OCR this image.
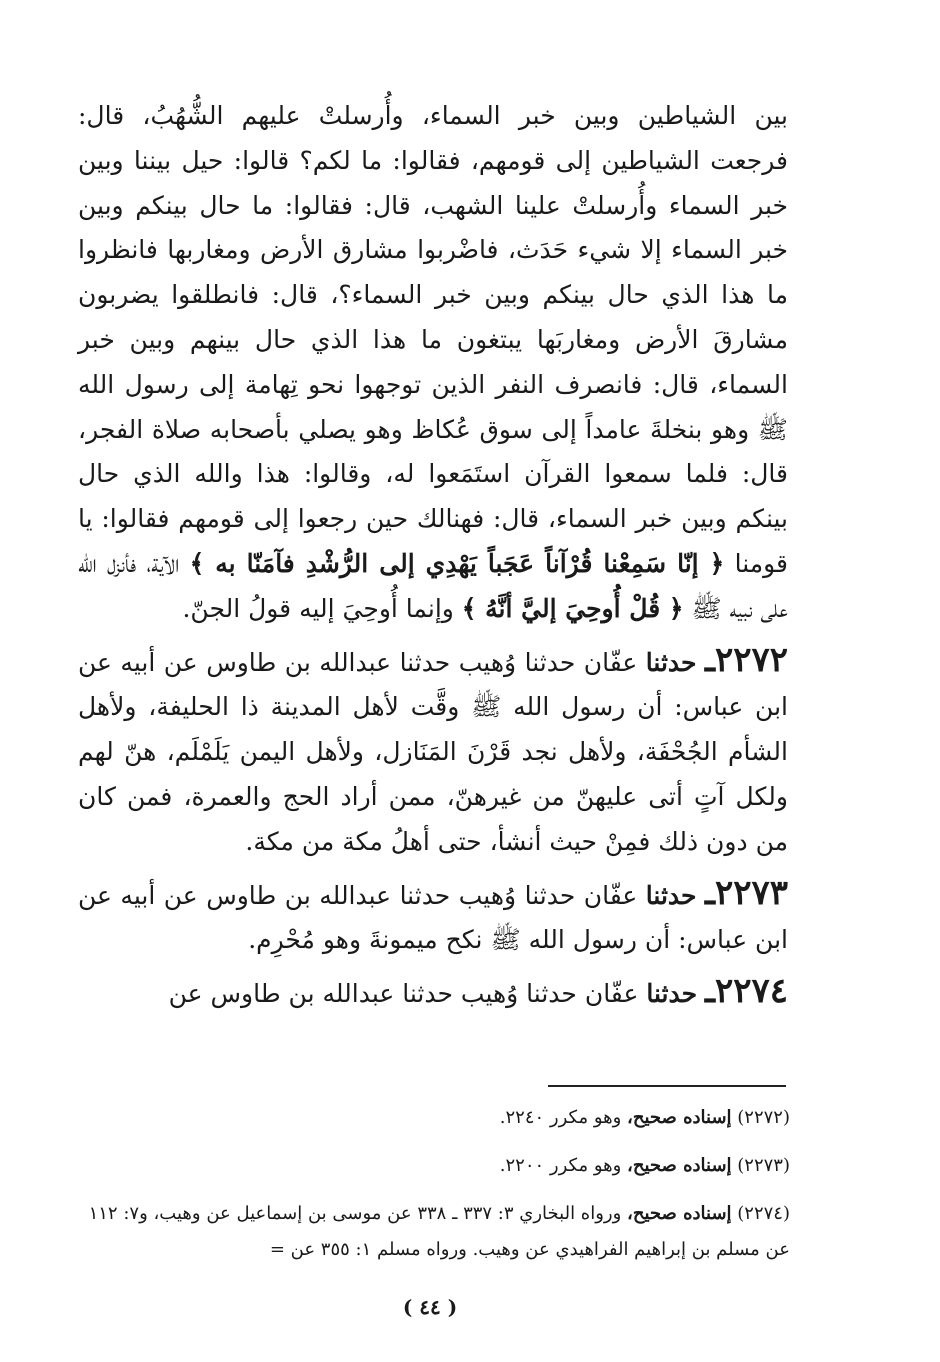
بين الشياطين وبين خبر السماء، وأُرسلتْ عليهم الشُّهُبُ، قال: فرجعت الشياطين إلى قومهم، فقالوا: ما لكم؟ قالوا: حيل بيننا وبين خبر السماء وأُرسلتْ علينا الشهب، قال: فقالوا: ما حال بينكم وبين خبر السماء إلا شيء حَدَث، فاضْربوا مشارق الأرض ومغاربها فانظروا ما هذا الذي حال بينكم وبين خبر السماء؟، قال: فانطلقوا يضربون مشارقَ الأرض ومغاربَها يبتغون ما هذا الذي حال بينهم وبين خبر السماء، قال: فانصرف النفر الذين توجهوا نحو تِهامة إلى رسول الله ﷺ وهو بنخلةَ عامداً إلى سوق عُكاظ وهو يصلي بأصحابه صلاة الفجر، قال: فلما سمعوا القرآن استَمَعوا له، وقالوا: هذا والله الذي حال بينكم وبين خبر السماء، قال: فهنالك حين رجعوا إلى قومهم فقالوا: يا قومنا ﴿ إنّا سَمِعْنا قُرْآناً عَجَباً يَهْدِي إلى الرُّشْدِ فآمَنّا به ﴾ الآية، فأنزل الله على نبيه ﷺ ﴿ قُلْ أُوحِيَ إليَّ أنَّهُ ﴾ وإنما أُوحِيَ إليه قولُ الجنّ.

٢٢٧٢ـ حدثنا عفّان حدثنا وُهيب حدثنا عبدالله بن طاوس عن أبيه عن ابن عباس: أن رسول الله ﷺ وقَّت لأهل المدينة ذا الحليفة، ولأهل الشأم الجُحْفَة، ولأهل نجد قَرْنَ المَنَازل، ولأهل اليمن يَلَمْلَم، هنّ لهم ولكل آتٍ أتى عليهنّ من غيرهنّ، ممن أراد الحج والعمرة، فمن كان من دون ذلك فمِنْ حيث أنشأ، حتى أهلُ مكة من مكة.

٢٢٧٣ـ حدثنا عفّان حدثنا وُهيب حدثنا عبدالله بن طاوس عن أبيه عن ابن عباس: أن رسول الله ﷺ نكح ميمونةَ وهو مُحْرِم.

٢٢٧٤ـ حدثنا عفّان حدثنا وُهيب حدثنا عبدالله بن طاوس عن

(٢٢٧٢) إسناده صحيح، وهو مكرر ٢٢٤٠.

(٢٢٧٣) إسناده صحيح، وهو مكرر ٢٢٠٠.

(٢٢٧٤) إسناده صحيح، ورواه البخاري ٣: ٣٣٧ ـ ٣٣٨ عن موسى بن إسماعيل عن وهيب، و٧: ١١٢ عن مسلم بن إبراهيم الفراهيدي عن وهيب. ورواه مسلم ١: ٣٥٥ عن =

( ٤٤ )
